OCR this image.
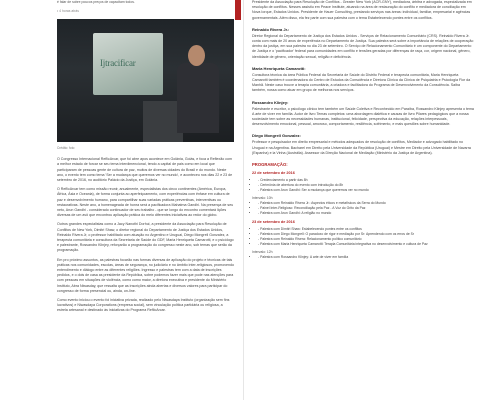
é falar de sobre poucos preços de capacitam todos.

• 4 horas atrás

Ijtracificar

Crédito: foto

O Congresso Internacional ReflicArcar, que foi abre apos acontece em Goiânia, Goiás, e foca a Reflexão com a melhor estado de forcar se seu tema interdimencional, tendo a capital de pais como em local que participaram de pessoas gente de cultura de paz, muitos de diversas cidades do Brasil e do mundo. Neste ano, o evento tem como tema 'Ser a mudança que queremos ver no mundo', e aconteceu nos dias 22 e 23 de setembro de 2016, no auditório Palácio da Justiça, em Goiânia.

O ReflicArcar tem como missão reunir, anualmente, especialistas dos cinco continentes (América, Europa, África, Ásia e Oceania), de forma conjunta ao aperfeiçoamento, com experiências com ênfase em cultura de paz e desenvolvimento humano, para compartilhar suas variadas práticas preventivas, interventivas ou restaurativas. Neste ano, a homenageada de honra será a pacificadora Mahatma Gandhi. Na presença de seu neto, Arun Gandhi - considerado continuador de seu trabalho - que se longo do encontro comentará lições diversas de um avô que encontrou aplicação prática do meio diferentes iniciativas ao redor do globo.

Outros grandes especialistas como a Jacy Nanothi Dorhui, a presidente da Associação para Resolução de Conflitos de New York, Dimitri Shaw, o diretor regional do Departamento de Justiça dos Estados Unidos, Reinaldo Rivera Jr, o professor habilitado com atuação no Argentino e Uruguai, Diego Mongrell Gonzalez, a terapeuta comunitária e consultora da Secretaria de Saúde do GDF, Maria Henriqueta Camarotti, e o psicólogo e palestrante, Rossandro Klinjey, reforçarão a programação do congresso neste ano, sob temas que serão da programação.

Em pro próximo assuntos, as palestras focarão nas formas diversas de aplicação do projeto e técnicas de tais práticas nos comunidades, escolas, áreas de segurança, no judiciário e no âmbito inter-religiosos, promovendo entendimento e diálogo entre as diferentes religiões. Ingresso e palestras tem com a data de inscrições pedidos, e o dois de casa as presidente da República, sobre podemos fazer mais que pode nas atenções para com pessoas em situações de violência, como como maior, a diretora executiva e presidente do Ministério Instituto, Abra Niwasday, que ressalta que as inscrições ainda abertas e diversos valores para participar do congresso de forma presencial ou, ainda, on-line.

Como evento iniciou o evento foi iniciativa privada, realizado pelo Niwasdaya Instituto (organização sem fins lucrativos) e Niwasdaya Corporations (empresa social), sem vinculação política partidária ou religiosa, a estrela artesanal e destinado às iniciativas do Programa ReflicArcar.

Presidente da Associação para Resolução de Conflitos - Greater New York (ACR-GNY), mediadora, árbitra e advogada, especializada em resolução de conflitos. Nesses assistiu em Peace Institute, atuando na área de restauração do conflito e mediadora de conciliação em Nova Iorque, Estados Unidos. Presidente de Hauer Consulting, prestando serviços nas áreas: individual, familiar, empresarial e agências governamentais. Além disso, ela fez parte com sua palestra com o tema Estabelecendo pontes entre os conflitos.

Reinaldo Rivera Jr.:

Diretor Regional do Departamento de Justiça dos Estados Unidos - Serviços de Relacionamento Comunitário (CRS). Reinaldo Rivera Jr. conta com mais de 20 anos de experiência no Departamento de Justiça. Sua palestra será sobre a importância de relações de cooperação dentro da justiça, em sua palestra no dia 23 de setembro. O Serviço de Relacionamento Comunitário é um componente do Departamento de Justiça e o 'pacificador' federal para comunidades em conflito e tensões geradas por diferenças de raça, cor, origem nacional, gênero, identidade de gênero, orientação sexual, religião e deficiência.

Maria Henriqueta Camarotti:

Consultora técnica da área Pública Federal da Secretaria de Saúde do Distrito Federal e terapeuta comunitária, Maria Henriqueta Camarotti também é coordenadora do Centro de Estudos da Consciência e Diretora Clínica da Clínica de Psiquiatria e Psicologia Flor da Manhã. Neste caso trouxe a terapia comunitária, a criadora e facilitadora do Programa de Desenvolvimento da Consciência. Saiba também, nossa como atuar em grupo de melhoras nos serviços.

Rossandro Klinjey:

Palestrante e escritor, o psicólogo clínico tem também um Saúde Coletiva e Reconhecido em Paraíba, Rossandro Klinjey apresenta o tema A arte de viver em família. Autor de livro Temas completos: uma abordagem dialética e causas de livro Pilares pedagógicos que a nossa sociedade tem sobre as necessidades humanas, institucional, felicidade, perspectiva da educação, relações interpessoais, desenvolvimento emocional, pessoal, amoroso, comportamento, resiliência, sofrimento, e mais questões sobre humanidade.

Diego Mongrell Gonzalez:

Professor e pesquisador em direito empresarial e métodos adequados de resolução de conflitos, Mediador e advogado habilitado no Uruguai e na Argentina. Bacharel em Direito pela Universidade da República (Uruguai) e Mestre em Direito pela Universidade de Navarra (Espanha) e la Vinha (Austrália). Assessor da Direção Nacional de Mediação (Ministério da Justiça de Argentina).

PROGRAMAÇÃO:
22 de setembro de 2016
• - Credenciamento a partir das 8h
• - Cerimônia de abertura do evento com introdução do 8h
• - Palestra com Arun Gandhi: Ser a mudança que queremos ver no mundo
Intervalo: 10h
• - Palestra com Reinaldo Rivera Jr.: Aspectos éticos e metafísicos da Serra do Mundo
• - Painel Inter-Religioso: Reconciliação pela Paz - A Voz do Grito da Paz
• - Palestra com Arun Gandhi: A religião no mundo
23 de setembro de 2016
• - Palestra com Dimitri Shaw: Estabelecendo pontes entre os conflitos
• - Palestra com Diego Mongrell: O paradoxo de rigor e mediação por Sr: Aprendendo com os erros de Sr
• - Palestra com Reinaldo Rivera: Relacionamento político comunitário
• - Palestra com Maria Henriqueta Camarotti: Terapia Comunitária integrativa no desenvolvimento e cultura de Paz
Intervalo: 12h
• - Palestra com Rossandro Klinjey: A arte de viver em família
